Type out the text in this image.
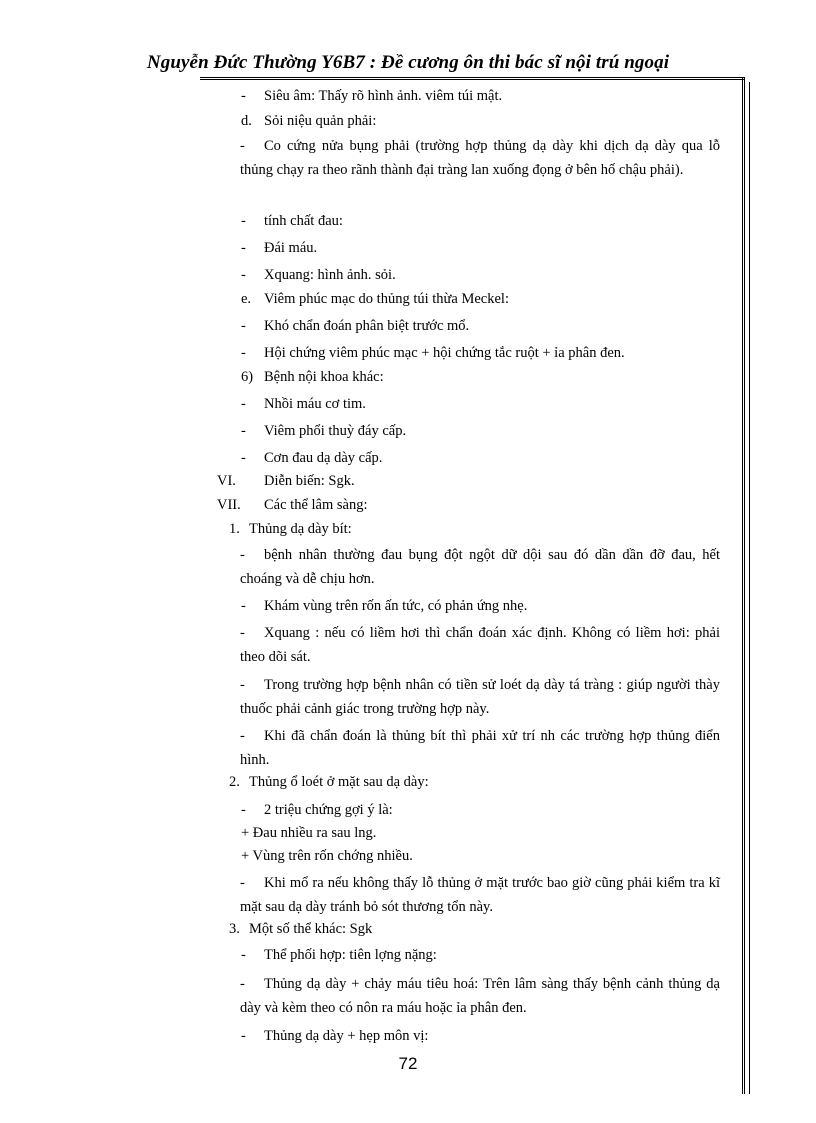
Nguyễn Đức Thường Y6B7 : Đề cương ôn thi bác sĩ nội trú ngoại
- Siêu âm: Thấy rõ hình ảnh. viêm túi mật.
d. Sỏi niệu quản phải:
- Co cứng nửa bụng phải (trường hợp thủng dạ dày khi dịch dạ dày qua lỗ thủng chạy ra theo rãnh thành đại tràng lan xuống đọng ở bên hố chậu phải).
- tính chất đau:
- Đái máu.
- Xquang: hình ảnh. sỏi.
e. Viêm phúc mạc do thủng túi thừa Meckel:
- Khó chẩn đoán phân biệt trước mổ.
- Hội chứng viêm phúc mạc + hội chứng tắc ruột + ỉa phân đen.
6) Bệnh nội khoa khác:
- Nhồi máu cơ tim.
- Viêm phổi thuỳ đáy cấp.
- Cơn đau dạ dày cấp.
VI. Diễn biến: Sgk.
VII. Các thể lâm sàng:
1. Thủng dạ dày bít:
- bệnh nhân thường đau bụng đột ngột dữ dội sau đó dần dần đỡ đau, hết choáng và dễ chịu hơn.
- Khám vùng trên rốn ấn tức, có phản ứng nhẹ.
- Xquang : nếu có liềm hơi thì chẩn đoán xác định. Không có liềm hơi: phải theo dõi sát.
- Trong trường hợp bệnh nhân có tiền sử loét dạ dày tá tràng : giúp người thày thuốc phải cảnh giác trong trường hợp này.
- Khi đã chẩn đoán là thủng bít thì phải xử trí nh các trường hợp thủng điển hình.
2. Thủng ổ loét ở mặt sau dạ dày:
- 2 triệu chứng gợi ý là:
+ Đau nhiều ra sau lng.
+ Vùng trên rốn chớng nhiều.
- Khi mổ ra nếu không thấy lỗ thủng ở mặt trước bao giờ cũng phải kiểm tra kĩ mặt sau dạ dày tránh bỏ sót thương tổn này.
3. Một số thể khác: Sgk
- Thể phối hợp: tiên lợng nặng:
- Thủng dạ dày + chảy máu tiêu hoá: Trên lâm sàng thấy bệnh cảnh thủng dạ dày và kèm theo có nôn ra máu hoặc ỉa phân đen.
- Thủng dạ dày + hẹp môn vị:
72
